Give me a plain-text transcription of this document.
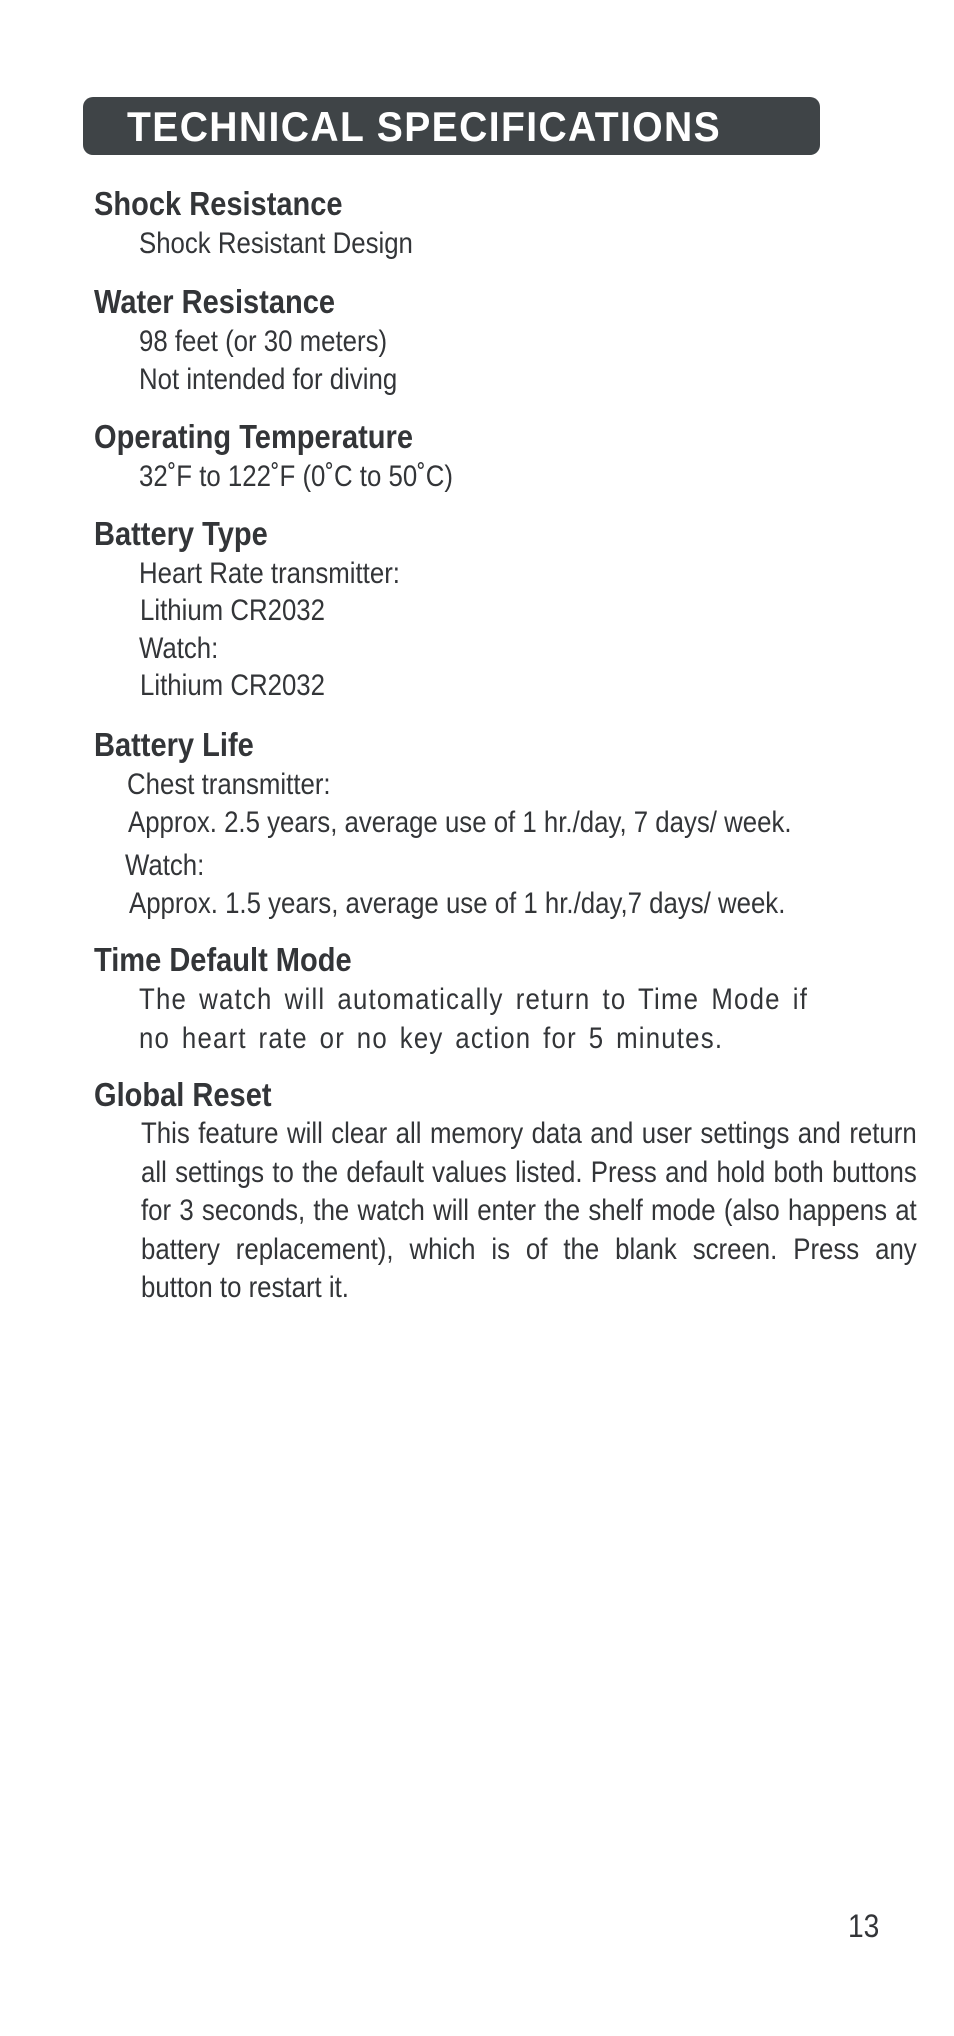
TECHNICAL SPECIFICATIONS
Shock Resistance
Shock Resistant Design
Water Resistance
98 feet (or 30 meters)
Not intended for diving
Operating Temperature
32˚F to 122˚F (0˚C to 50˚C)
Battery Type
Heart Rate transmitter:
Lithium CR2032
Watch:
Lithium CR2032
Battery Life
Chest transmitter:
Approx. 2.5 years, average use of 1 hr./day, 7 days/ week.
Watch:
Approx. 1.5 years, average use of 1 hr./day,7 days/ week.
Time Default Mode
The watch will automatically return to Time Mode if no heart rate or no key action for 5 minutes.
Global Reset
This feature will clear all memory data and user settings and return all settings to the default values listed. Press and hold both buttons for 3 seconds, the watch will enter the shelf mode (also happens at battery replacement), which is of the blank screen. Press any button to restart it.
13
